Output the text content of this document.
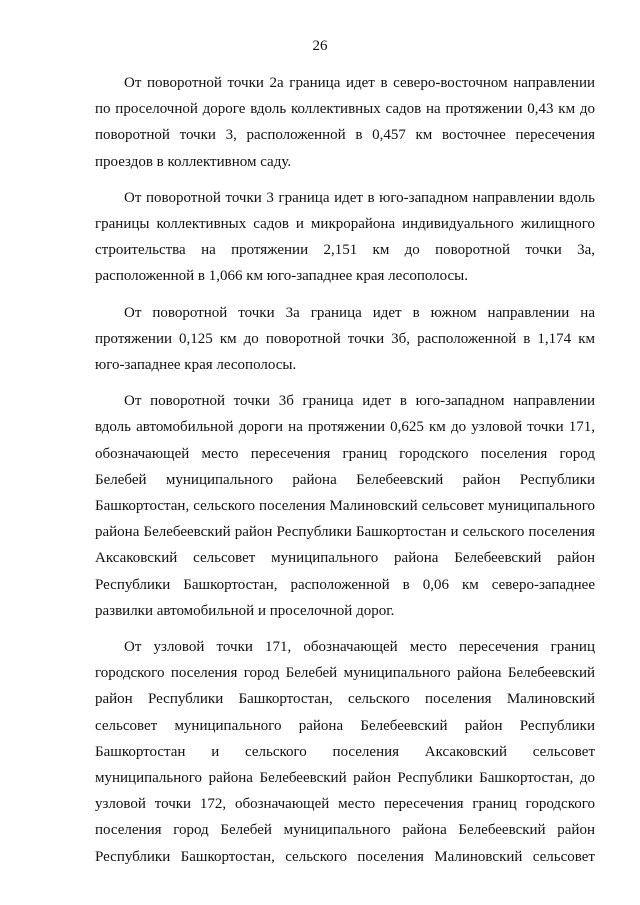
26

От поворотной точки 2а граница идет в северо-восточном направлении по проселочной дороге вдоль коллективных садов на протяжении 0,43 км до поворотной точки 3, расположенной в 0,457 км восточнее пересечения проездов в коллективном саду.

От поворотной точки 3 граница идет в юго-западном направлении вдоль границы коллективных садов и микрорайона индивидуального жилищного строительства на протяжении 2,151 км до поворотной точки 3а, расположенной в 1,066 км юго-западнее края лесополосы.

От поворотной точки 3а граница идет в южном направлении на протяжении 0,125 км до поворотной точки 3б, расположенной в 1,174 км юго-западнее края лесополосы.

От поворотной точки 3б граница идет в юго-западном направлении вдоль автомобильной дороги на протяжении 0,625 км до узловой точки 171, обозначающей место пересечения границ городского поселения город Белебей муниципального района Белебеевский район Республики Башкортостан, сельского поселения Малиновский сельсовет муниципального района Белебеевский район Республики Башкортостан и сельского поселения Аксаковский сельсовет муниципального района Белебеевский район Республики Башкортостан, расположенной в 0,06 км северо-западнее развилки автомобильной и проселочной дорог.

От узловой точки 171, обозначающей место пересечения границ городского поселения город Белебей муниципального района Белебеевский район Республики Башкортостан, сельского поселения Малиновский сельсовет муниципального района Белебеевский район Республики Башкортостан и сельского поселения Аксаковский сельсовет муниципального района Белебеевский район Республики Башкортостан, до узловой точки 172, обозначающей место пересечения границ городского поселения город Белебей муниципального района Белебеевский район Республики Башкортостан, сельского поселения Малиновский сельсовет
